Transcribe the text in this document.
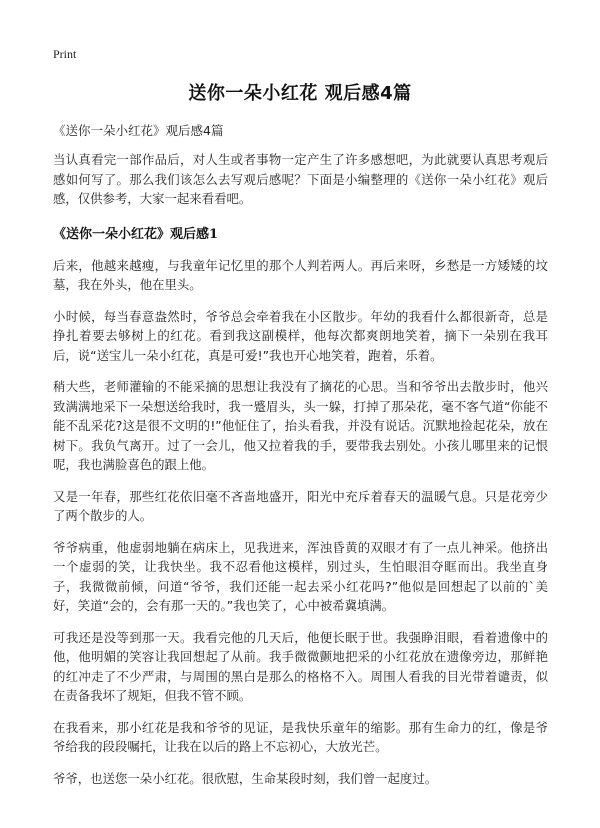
Print
送你一朵小红花 观后感4篇
《送你一朵小红花》观后感4篇

当认真看完一部作品后，对人生或者事物一定产生了许多感想吧，为此就要认真思考观后感如何写了。那么我们该怎么去写观后感呢？下面是小编整理的《送你一朵小红花》观后感，仅供参考，大家一起来看看吧。

《送你一朵小红花》观后感1

后来，他越来越瘦，与我童年记忆里的那个人判若两人。再后来呀，乡愁是一方矮矮的坟墓，我在外头，他在里头。

小时候，每当春意盎然时，爷爷总会牵着我在小区散步。年幼的我看什么都很新奇，总是挣扎着要去够树上的红花。看到我这副模样，他每次都爽朗地笑着，摘下一朵别在我耳后，说“送宝儿一朵小红花，真是可爱!”我也开心地笑着，跑着，乐着。

稍大些，老师灌输的不能采摘的思想让我没有了摘花的心思。当和爷爷出去散步时，他兴致满满地采下一朵想送给我时，我一蹙眉头，头一躲，打掉了那朵花，毫不客气道“你能不能不乱采花?这是很不文明的!”他怔住了，抬头看我，并没有说话。沉默地捡起花朵，放在树下。我负气离开。过了一会儿，他又拉着我的手，要带我去别处。小孩儿哪里来的记恨呢，我也满脸喜色的跟上他。

又是一年春，那些红花依旧毫不吝啬地盛开，阳光中充斥着春天的温暖气息。只是花旁少了两个散步的人。

爷爷病重，他虚弱地躺在病床上，见我进来，浑浊昏黄的双眼才有了一点儿神采。他挤出一个虚弱的笑，让我快坐。我不忍看他这模样，别过头，生怕眼泪夺眶而出。我坐直身子，我微微前倾，问道“爷爷，我们还能一起去采小红花吗?”他似是回想起了以前的`美好，笑道“会的，会有那一天的。”我也笑了，心中被希冀填满。

可我还是没等到那一天。我看完他的几天后，他便长眠于世。我强睁泪眼，看着遗像中的他，他明媚的笑容让我回想起了从前。我手微微颤地把采的小红花放在遗像旁边，那鲜艳的红冲走了不少严肃，与周围的黑白是那么的格格不入。周围人看我的目光带着谴责，似在责备我坏了规矩，但我不管不顾。

在我看来，那小红花是我和爷爷的见证，是我快乐童年的缩影。那有生命力的红，像是爷爷给我的段段嘱托，让我在以后的路上不忘初心，大放光芒。

爷爷，也送您一朵小红花。很欣慰，生命某段时刻，我们曾一起度过。
